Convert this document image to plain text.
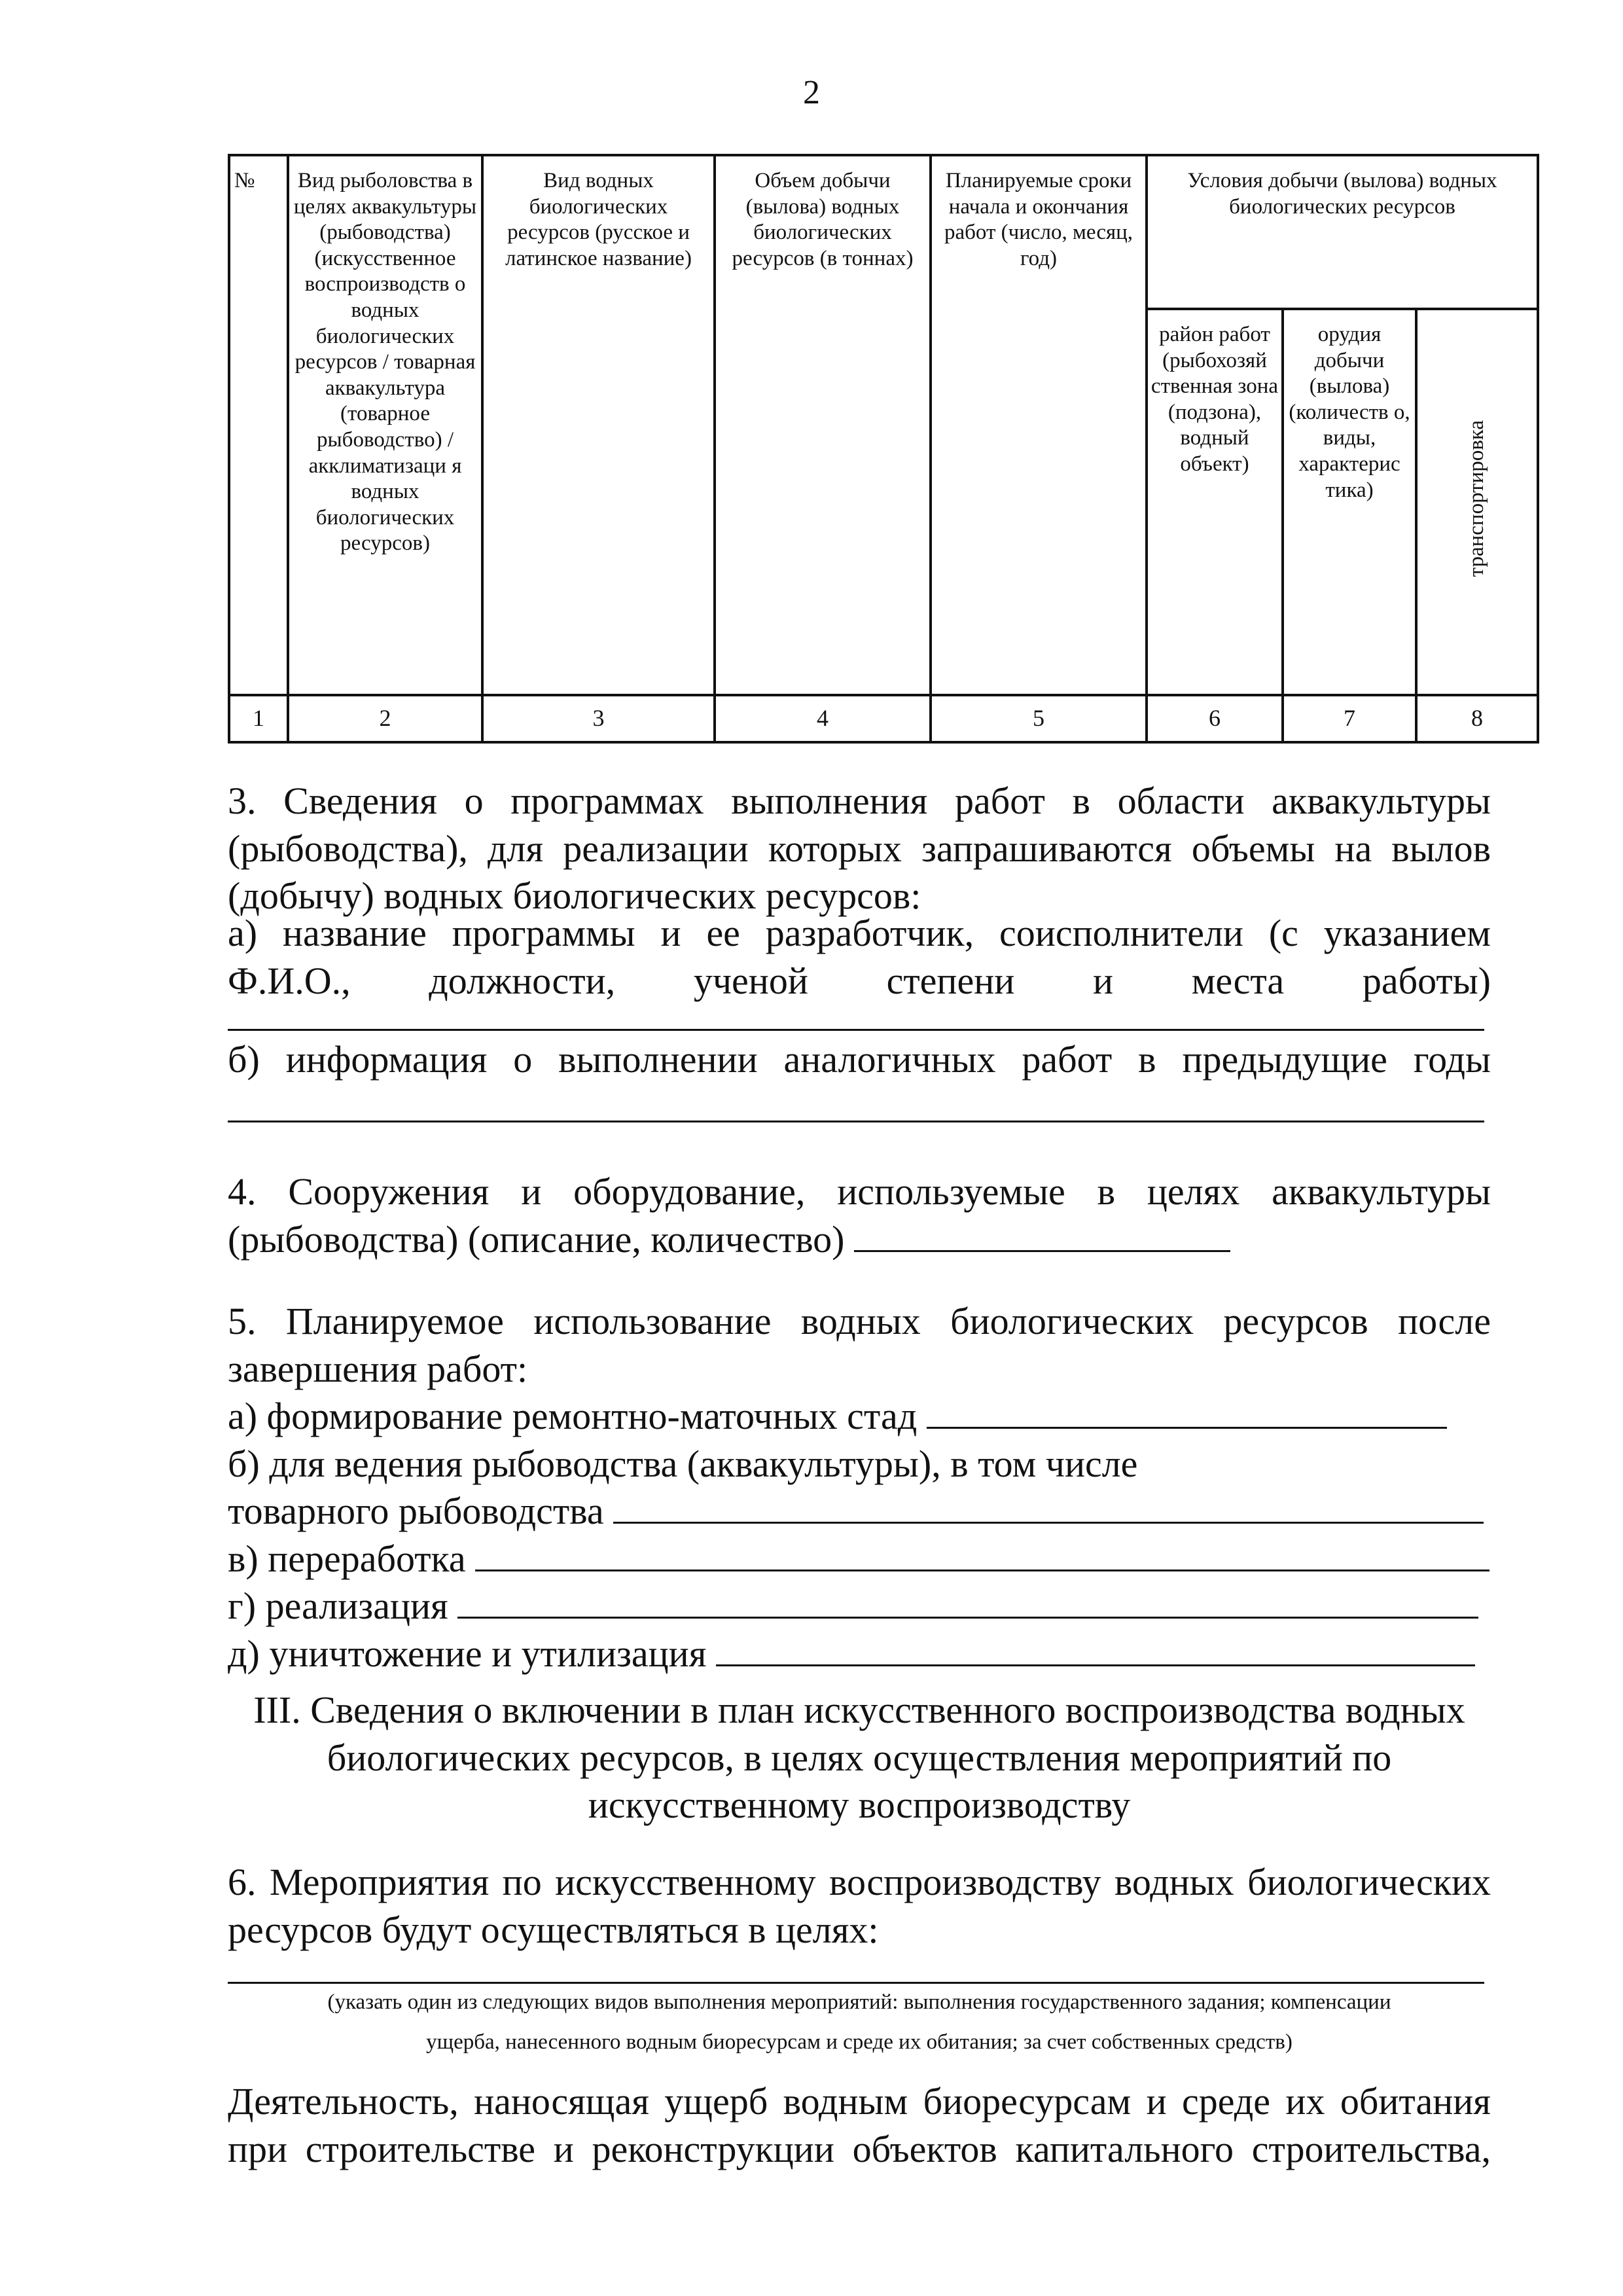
2
№	Вид рыболовства в целях аквакультуры (рыбоводства) (искусственное воспроизводств о водных биологических ресурсов / товарная аквакультура (товарное рыбоводство) / акклиматизаци я водных биологических ресурсов)	Вид водных биологических ресурсов (русское и латинское название)	Объем добычи (вылова) водных биологических ресурсов (в тоннах)	Планируемые сроки начала и окончания работ (число, месяц, год)	Условия добычи (вылова) водных биологических ресурсов		
					район работ (рыбохозяй ственная зона (подзона), водный объект)	орудия добычи (вылова) (количеств о, виды, характерис тика)	транспортировка
1	2	3	4	5	6	7	8
3. Сведения о программах выполнения работ в области аквакультуры
(рыбоводства), для реализации которых запрашиваются объемы на вылов
(добычу) водных биологических ресурсов:
а) название программы и ее разработчик, соисполнители (с указанием
Ф.И.О., должности, ученой степени и места работы)
б) информация о выполнении аналогичных работ в предыдущие годы
4. Сооружения и оборудование, используемые в целях аквакультуры
(рыбоводства) (описание, количество)
5. Планируемое использование водных биологических ресурсов после
завершения работ:
а) формирование ремонтно-маточных стад
б) для ведения рыбоводства (аквакультуры), в том числе
товарного рыбоводства
в) переработка
г) реализация
д) уничтожение и утилизация
III. Сведения о включении в план искусственного воспроизводства водных
биологических ресурсов, в целях осуществления мероприятий по
искусственному воспроизводству
6. Мероприятия по искусственному воспроизводству водных биологических
ресурсов будут осуществляться в целях:
(указать один из следующих видов выполнения мероприятий: выполнения государственного задания; компенсации
ущерба, нанесенного водным биоресурсам и среде их обитания; за счет собственных средств)
Деятельность, наносящая ущерб водным биоресурсам и среде их обитания
при строительстве и реконструкции объектов капитального строительства,
